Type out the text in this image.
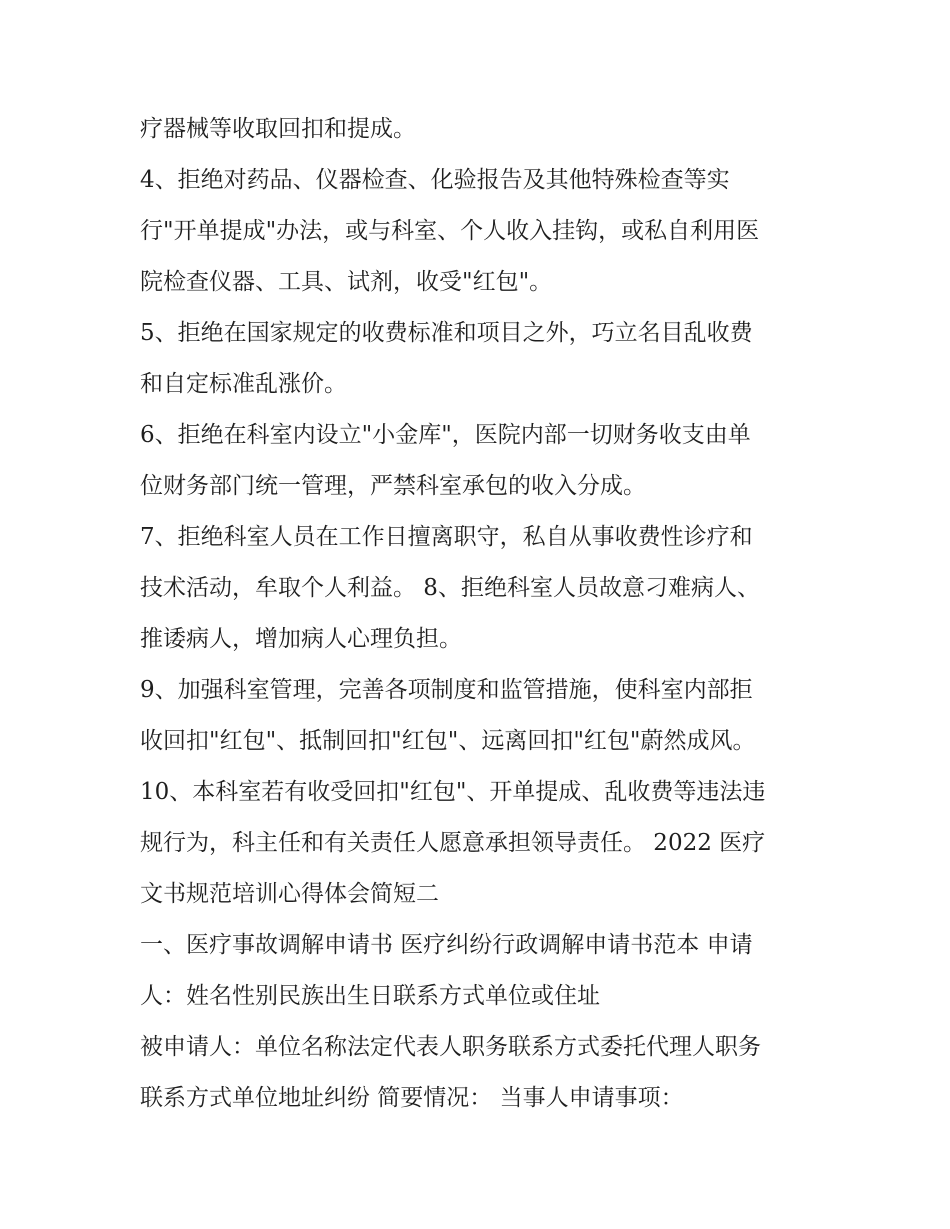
疗器械等收取回扣和提成。
4、拒绝对药品、仪器检查、化验报告及其他特殊检查等实
行"开单提成"办法，或与科室、个人收入挂钩，或私自利用医
院检查仪器、工具、试剂，收受"红包"。
5、拒绝在国家规定的收费标准和项目之外，巧立名目乱收费
和自定标准乱涨价。
6、拒绝在科室内设立"小金库"，医院内部一切财务收支由单
位财务部门统一管理，严禁科室承包的收入分成。
7、拒绝科室人员在工作日擅离职守，私自从事收费性诊疗和
技术活动，牟取个人利益。 8、拒绝科室人员故意刁难病人、
推诿病人，增加病人心理负担。
9、加强科室管理，完善各项制度和监管措施，使科室内部拒
收回扣"红包"、抵制回扣"红包"、远离回扣"红包"蔚然成风。
10、本科室若有收受回扣"红包"、开单提成、乱收费等违法违
规行为，科主任和有关责任人愿意承担领导责任。 2022 医疗
文书规范培训心得体会简短二
一、医疗事故调解申请书 医疗纠纷行政调解申请书范本 申请
人：姓名性别民族出生日联系方式单位或住址
被申请人：单位名称法定代表人职务联系方式委托代理人职务
联系方式单位地址纠纷 简要情况： 当事人申请事项：
